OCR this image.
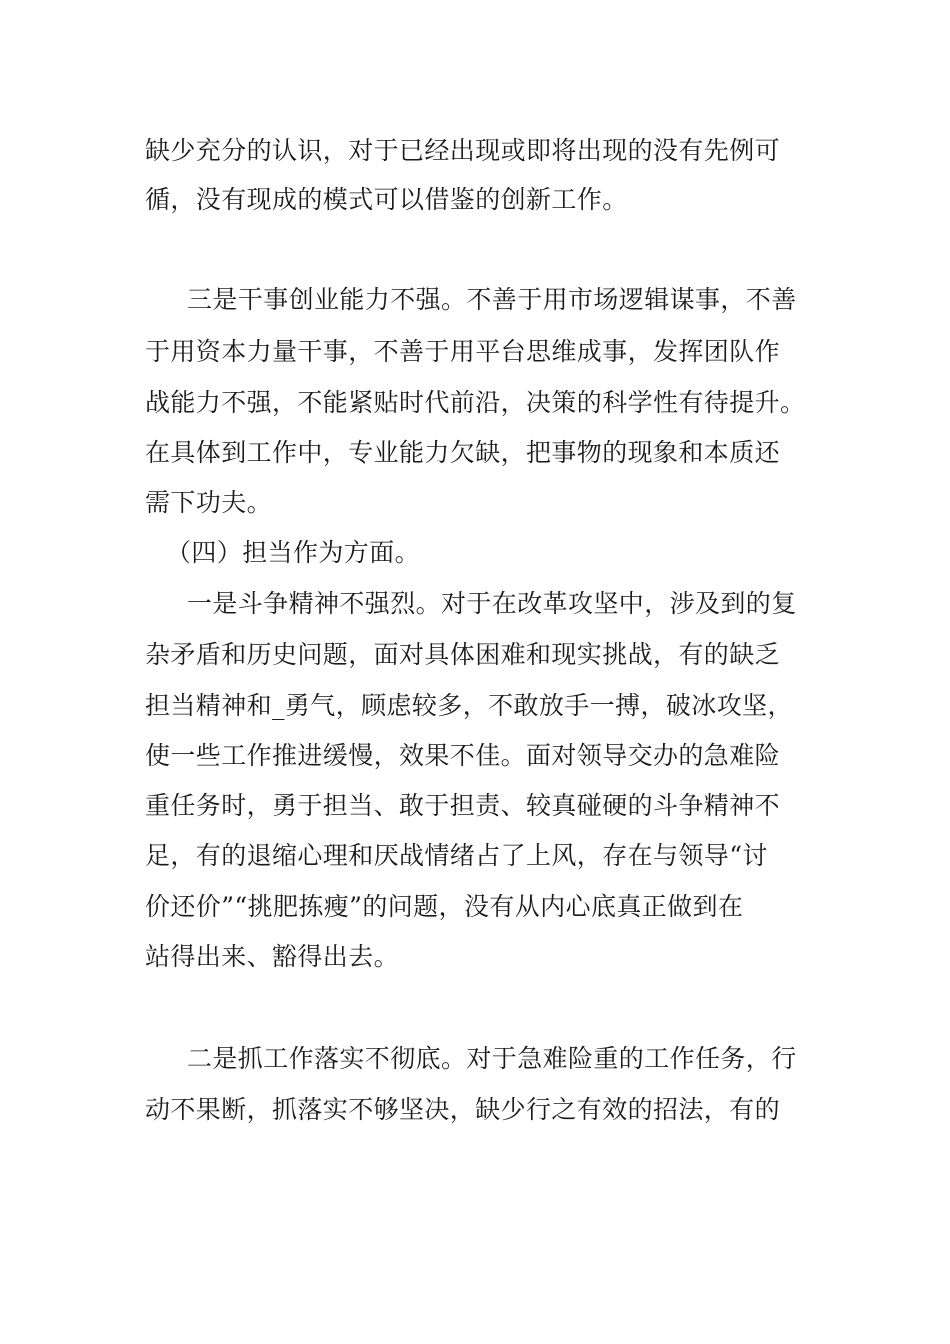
缺少充分的认识，对于已经出现或即将出现的没有先例可
循，没有现成的模式可以借鉴的创新工作。
三是干事创业能力不强。不善于用市场逻辑谋事，不善
于用资本力量干事，不善于用平台思维成事，发挥团队作
战能力不强，不能紧贴时代前沿，决策的科学性有待提升。
在具体到工作中，专业能力欠缺，把事物的现象和本质还
需下功夫。
（四）担当作为方面。
一是斗争精神不强烈。对于在改革攻坚中，涉及到的复
杂矛盾和历史问题，面对具体困难和现实挑战，有的缺乏
担当精神和_勇气，顾虑较多，不敢放手一搏，破冰攻坚，
使一些工作推进缓慢，效果不佳。面对领导交办的急难险
重任务时，勇于担当、敢于担责、较真碰硬的斗争精神不
足，有的退缩心理和厌战情绪占了上风，存在与领导“讨
价还价”“挑肥拣瘦”的问题，没有从内心底真正做到在
站得出来、豁得出去。
二是抓工作落实不彻底。对于急难险重的工作任务，行
动不果断，抓落实不够坚决，缺少行之有效的招法，有的
